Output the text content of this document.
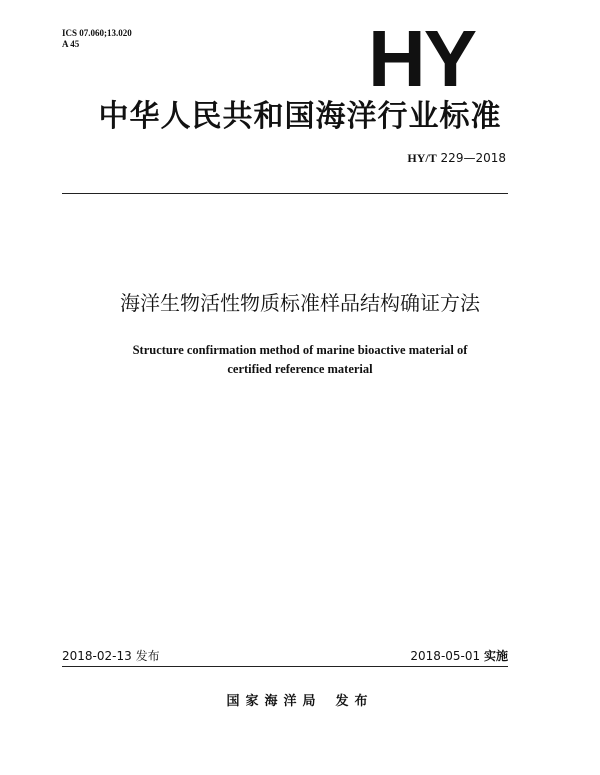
ICS 07.060;13.020
A 45	HY
中华人民共和国海洋行业标准
HY/T 229—2018
海洋生物活性物质标准样品结构确证方法
Structure confirmation method of marine bioactive material of
certified reference material
2018-02-13 发布	2018-05-01 实施
国家海洋局 发布
